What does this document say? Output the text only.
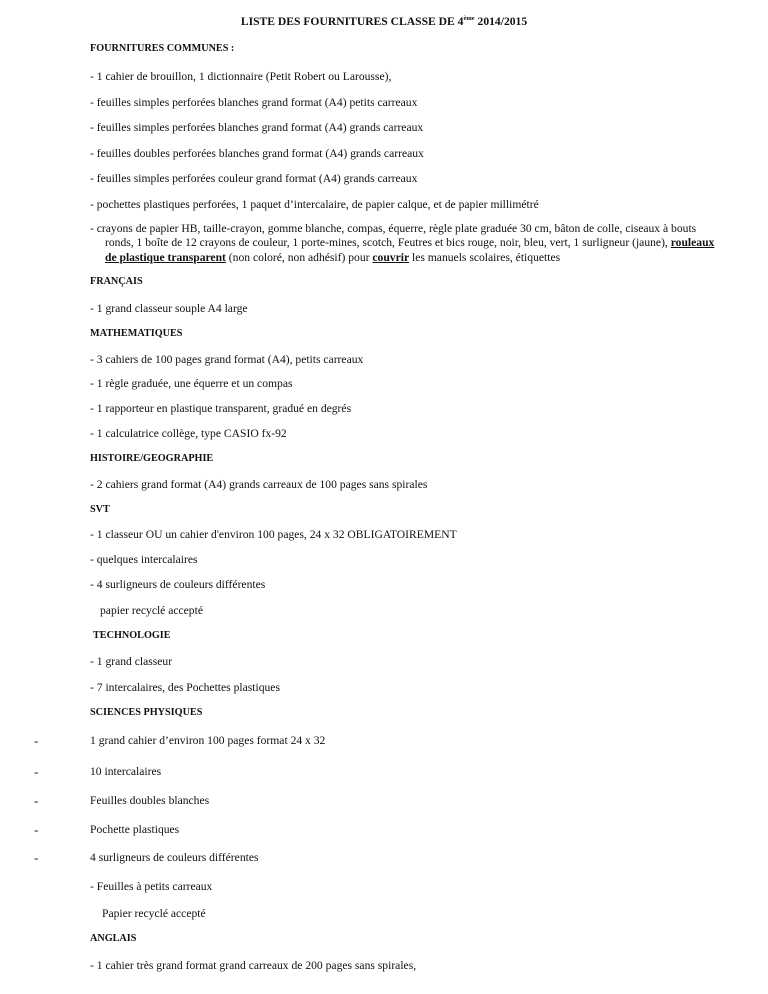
LISTE DES FOURNITURES CLASSE DE 4ème 2014/2015
FOURNITURES COMMUNES :
- 1 cahier de brouillon, 1 dictionnaire (Petit Robert ou Larousse),
- feuilles simples perforées blanches grand format (A4) petits carreaux
- feuilles simples perforées blanches grand format (A4) grands carreaux
- feuilles doubles perforées blanches grand format (A4) grands carreaux
- feuilles simples perforées couleur grand format (A4) grands carreaux
- pochettes plastiques perforées, 1 paquet d’intercalaire, de papier calque, et de papier millimétré
- crayons de papier HB, taille-crayon, gomme blanche, compas, équerre, règle plate graduée 30 cm, bâton de colle, ciseaux à bouts
ronds, 1 boîte de 12 crayons de couleur, 1 porte-mines, scotch, Feutres et bics rouge, noir, bleu, vert, 1 surligneur (jaune), rouleaux
de plastique transparent (non coloré, non adhésif) pour couvrir les manuels scolaires, étiquettes
FRANÇAIS
- 1 grand classeur souple A4 large
MATHEMATIQUES
- 3 cahiers de 100 pages grand format (A4), petits carreaux
- 1 règle graduée, une équerre et un compas
- 1 rapporteur en plastique transparent, gradué en degrés
- 1 calculatrice collège, type CASIO fx-92
HISTOIRE/GEOGRAPHIE
- 2 cahiers grand format (A4) grands carreaux de 100 pages sans spirales
SVT
- 1 classeur OU un cahier d'environ 100 pages, 24 x 32 OBLIGATOIREMENT
- quelques intercalaires
- 4 surligneurs de couleurs différentes
papier recyclé accepté
TECHNOLOGIE
- 1 grand classeur
- 7 intercalaires, des Pochettes plastiques
SCIENCES PHYSIQUES
-	1 grand cahier d’environ 100 pages format 24 x 32
-	10 intercalaires
-	Feuilles doubles blanches
-	Pochette plastiques
-	4 surligneurs de couleurs différentes
- Feuilles à petits carreaux
Papier recyclé accepté
ANGLAIS
- 1 cahier très grand format grand carreaux de 200 pages sans spirales,
